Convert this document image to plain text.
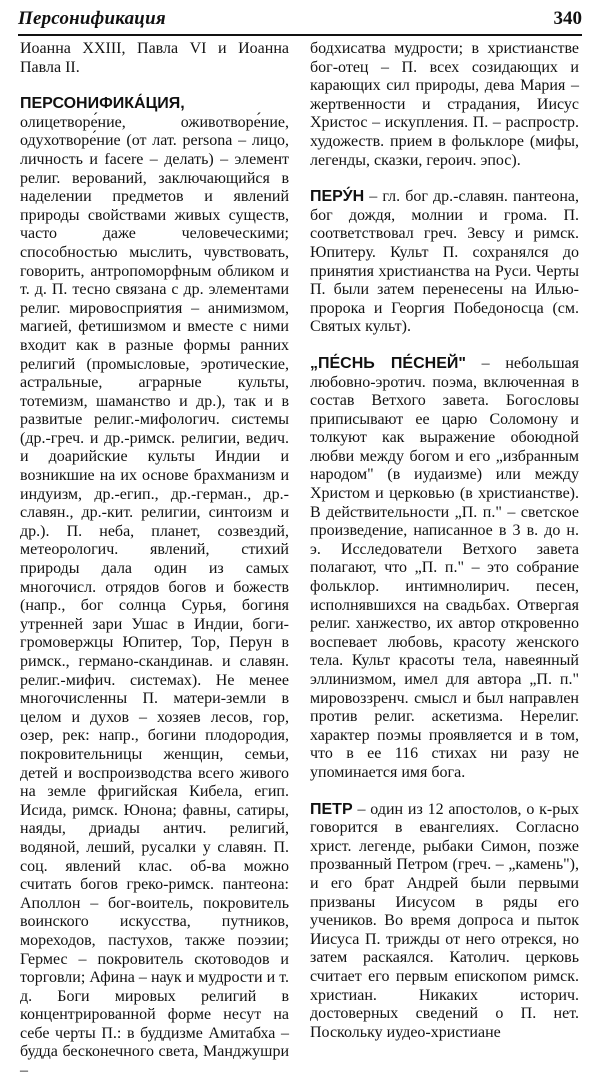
Персонификация	340

Иоанна XXIII, Павла VI и Иоанна Павла II.

ПЕРСОНИФИКА́ЦИЯ, олицетворе́ние, оживотворе́ние, одухотворе́ние (от лат. persona – лицо, личность и facere – делать) – элемент религ. верований, заключающийся в наделении предметов и явлений природы свойствами живых существ, часто даже человеческими; способностью мыслить, чувствовать, говорить, антропоморфным обликом и т. д. П. тесно связана с др. элементами религ. мировосприятия – анимизмом, магией, фетишизмом и вместе с ними входит как в разные формы ранних религий (промысловые, эротические, астральные, аграрные культы, тотемизм, шаманство и др.), так и в развитые религ.-мифологич. системы (др.-греч. и др.-римск. религии, ведич. и доарийские культы Индии и возникшие на их основе брахманизм и индуизм, др.-егип., др.-герман., др.-славян., др.-кит. религии, синтоизм и др.). П. неба, планет, созвездий, метеорологич. явлений, стихий природы дала один из самых многочисл. отрядов богов и божеств (напр., бог солнца Сурья, богиня утренней зари Ушас в Индии, боги-громовержцы Юпитер, Тор, Перун в римск., германо-скандинав. и славян. религ.-мифич. системах). Не менее многочисленны П. матери-земли в целом и духов – хозяев лесов, гор, озер, рек: напр., богини плодородия, покровительницы женщин, семьи, детей и воспроизводства всего живого на земле фригийская Кибела, егип. Исида, римск. Юнона; фавны, сатиры, наяды, дриады антич. религий, водяной, леший, русалки у славян. П. соц. явлений клас. об-ва можно считать богов греко-римск. пантеона: Аполлон – бог-воитель, покровитель воинского искусства, путников, мореходов, пастухов, также поэзии; Гермес – покровитель скотоводов и торговли; Афина – наук и мудрости и т. д. Боги мировых религий в концентрированной форме несут на себе черты П.: в буддизме Амитабха – будда бесконечного света, Манджушри –

бодхисатва мудрости; в христианстве бог-отец – П. всех созидающих и карающих сил природы, дева Мария – жертвенности и страдания, Иисус Христос – искупления. П. – распростр. художеств. прием в фольклоре (мифы, легенды, сказки, героич. эпос).

ПЕРУ́Н – гл. бог др.-славян. пантеона, бог дождя, молнии и грома. П. соответствовал греч. Зевсу и римск. Юпитеру. Культ П. сохранялся до принятия христианства на Руси. Черты П. были затем перенесены на Илью-пророка и Георгия Победоносца (см. Святых культ).

„ПЕ́СНЬ ПЕ́СНЕЙ" – небольшая любовно-эротич. поэма, включенная в состав Ветхого завета. Богословы приписывают ее царю Соломону и толкуют как выражение обоюдной любви между богом и его „избранным народом" (в иудаизме) или между Христом и церковью (в христианстве). В действительности „П. п." – светское произведение, написанное в 3 в. до н. э. Исследователи Ветхого завета полагают, что „П. п." – это собрание фольклор. интимнолирич. песен, исполнявшихся на свадьбах. Отвергая религ. ханжество, их автор откровенно воспевает любовь, красоту женского тела. Культ красоты тела, навеянный эллинизмом, имел для автора „П. п." мировоззренч. смысл и был направлен против религ. аскетизма. Нерелиг. характер поэмы проявляется и в том, что в ее 116 стихах ни разу не упоминается имя бога.

ПЕТР – один из 12 апостолов, о к-рых говорится в евангелиях. Согласно христ. легенде, рыбаки Симон, позже прозванный Петром (греч. – „камень"), и его брат Андрей были первыми призваны Иисусом в ряды его учеников. Во время допроса и пыток Иисуса П. трижды от него отрекся, но затем раскаялся. Католич. церковь считает его первым епископом римск. христиан. Никаких историч. достоверных сведений о П. нет. Поскольку иудео-христиане
